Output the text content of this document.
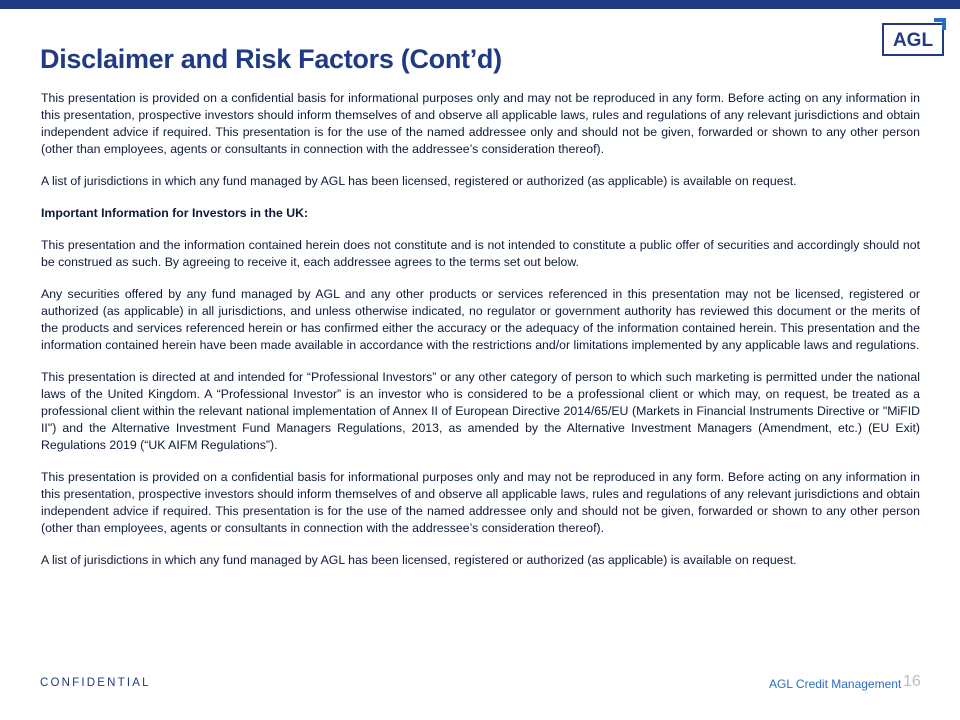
AGL
Disclaimer and Risk Factors (Cont’d)

This presentation is provided on a confidential basis for informational purposes only and may not be reproduced in any form. Before acting on any information in this presentation, prospective investors should inform themselves of and observe all applicable laws, rules and regulations of any relevant jurisdictions and obtain independent advice if required. This presentation is for the use of the named addressee only and should not be given, forwarded or shown to any other person (other than employees, agents or consultants in connection with the addressee’s consideration thereof).

A list of jurisdictions in which any fund managed by AGL has been licensed, registered or authorized (as applicable) is available on request.

Important Information for Investors in the UK:

This presentation and the information contained herein does not constitute and is not intended to constitute a public offer of securities and accordingly should not be construed as such. By agreeing to receive it, each addressee agrees to the terms set out below.

Any securities offered by any fund managed by AGL and any other products or services referenced in this presentation may not be licensed, registered or authorized (as applicable) in all jurisdictions, and unless otherwise indicated, no regulator or government authority has reviewed this document or the merits of the products and services referenced herein or has confirmed either the accuracy or the adequacy of the information contained herein. This presentation and the information contained herein have been made available in accordance with the restrictions and/or limitations implemented by any applicable laws and regulations.

This presentation is directed at and intended for “Professional Investors” or any other category of person to which such marketing is permitted under the national laws of the United Kingdom. A “Professional Investor” is an investor who is considered to be a professional client or which may, on request, be treated as a professional client within the relevant national implementation of Annex II of European Directive 2014/65/EU (Markets in Financial Instruments Directive or "MiFID II") and the Alternative Investment Fund Managers Regulations, 2013, as amended by the Alternative Investment Managers (Amendment, etc.) (EU Exit) Regulations 2019 (“UK AIFM Regulations”).

This presentation is provided on a confidential basis for informational purposes only and may not be reproduced in any form. Before acting on any information in this presentation, prospective investors should inform themselves of and observe all applicable laws, rules and regulations of any relevant jurisdictions and obtain independent advice if required. This presentation is for the use of the named addressee only and should not be given, forwarded or shown to any other person (other than employees, agents or consultants in connection with the addressee’s consideration thereof).

A list of jurisdictions in which any fund managed by AGL has been licensed, registered or authorized (as applicable) is available on request.

CONFIDENTIAL	AGL Credit Management 16
